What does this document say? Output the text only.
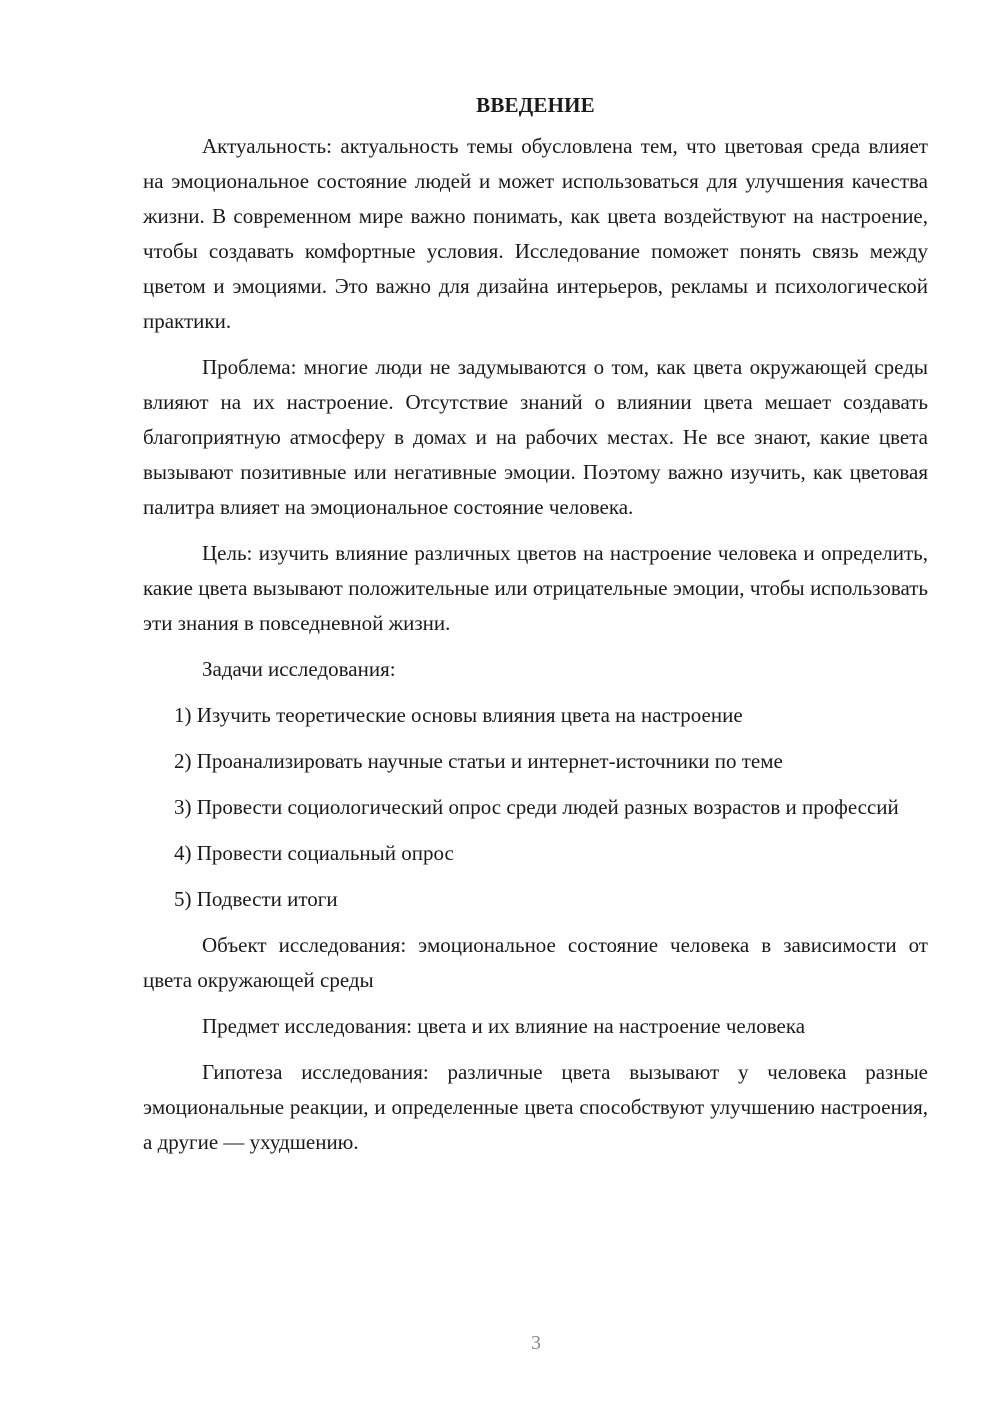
ВВЕДЕНИЕ

Актуальность: актуальность темы обусловлена тем, что цветовая среда влияет на эмоциональное состояние людей и может использоваться для улучшения качества жизни. В современном мире важно понимать, как цвета воздействуют на настроение, чтобы создавать комфортные условия. Исследование поможет понять связь между цветом и эмоциями. Это важно для дизайна интерьеров, рекламы и психологической практики.

Проблема: многие люди не задумываются о том, как цвета окружающей среды влияют на их настроение. Отсутствие знаний о влиянии цвета мешает создавать благоприятную атмосферу в домах и на рабочих местах. Не все знают, какие цвета вызывают позитивные или негативные эмоции. Поэтому важно изучить, как цветовая палитра влияет на эмоциональное состояние человека.

Цель: изучить влияние различных цветов на настроение человека и определить, какие цвета вызывают положительные или отрицательные эмоции, чтобы использовать эти знания в повседневной жизни.

Задачи исследования:

1) Изучить теоретические основы влияния цвета на настроение

2) Проанализировать научные статьи и интернет-источники по теме

3) Провести социологический опрос среди людей разных возрастов и профессий

4) Провести социальный опрос

5) Подвести итоги

Объект исследования: эмоциональное состояние человека в зависимости от цвета окружающей среды

Предмет исследования: цвета и их влияние на настроение человека

Гипотеза исследования: различные цвета вызывают у человека разные эмоциональные реакции, и определенные цвета способствуют улучшению настроения, а другие — ухудшению.

3
